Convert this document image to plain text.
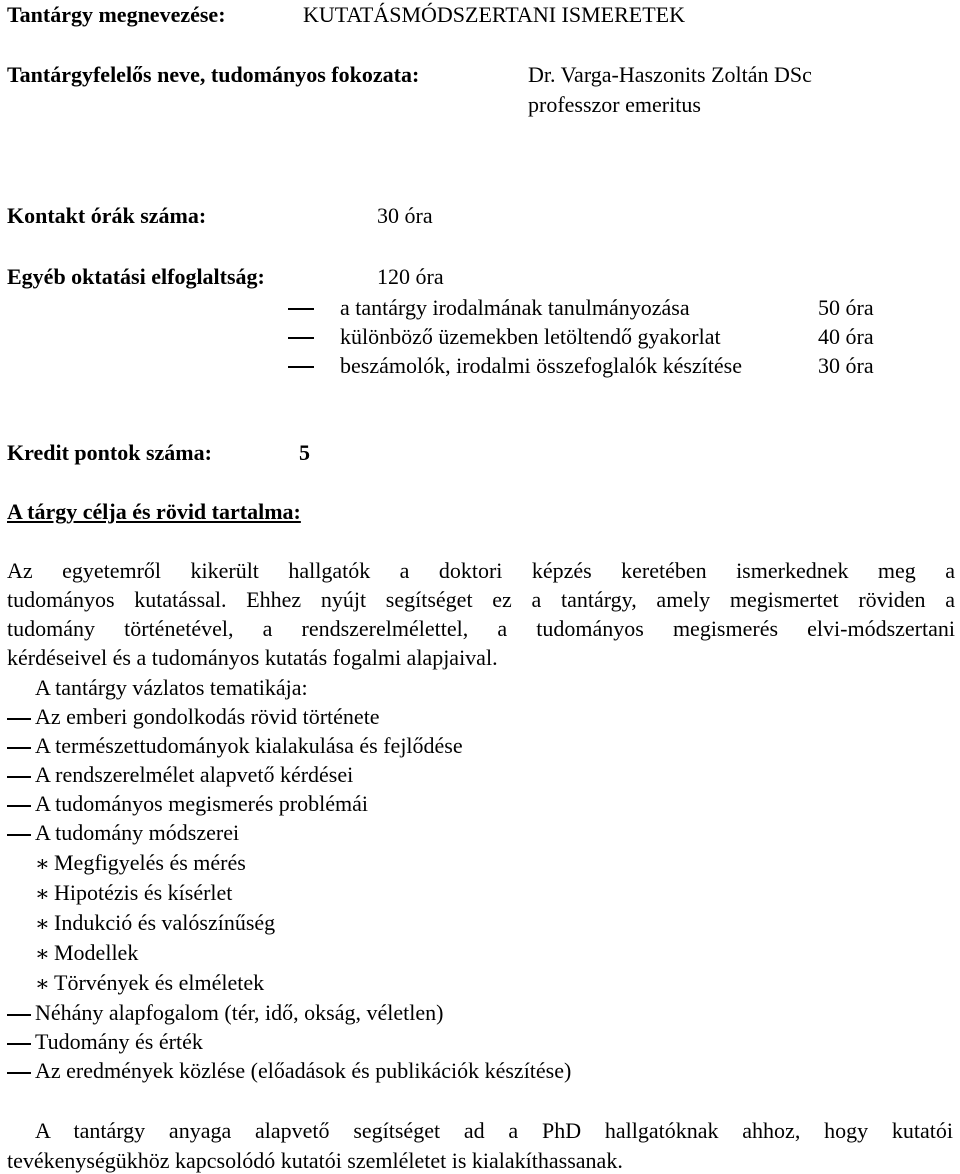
Tantárgy megnevezése:	KUTATÁSMÓDSZERTANI ISMERETEK
Tantárgyfelelős neve, tudományos fokozata:	Dr. Varga-Haszonits Zoltán DSc
professzor emeritus
Kontakt órák száma:	30 óra
Egyéb oktatási elfoglaltság:	120 óra
a tantárgy irodalmának tanulmányozása	50 óra
különböző üzemekben letöltendő gyakorlat	40 óra
beszámolók, irodalmi összefoglalók készítése	30 óra
Kredit pontok száma:	5
A tárgy célja és rövid tartalma:
Az egyetemről kikerült hallgatók a doktori képzés keretében ismerkednek meg a
tudományos kutatással. Ehhez nyújt segítséget ez a tantárgy, amely megismertet röviden a
tudomány történetével, a rendszerelmélettel, a tudományos megismerés elvi-módszertani
kérdéseivel és a tudományos kutatás fogalmi alapjaival.
A tantárgy vázlatos tematikája:
Az emberi gondolkodás rövid története
A természettudományok kialakulása és fejlődése
A rendszerelmélet alapvető kérdései
A tudományos megismerés problémái
A tudomány módszerei
∗ Megfigyelés és mérés
∗ Hipotézis és kísérlet
∗ Indukció és valószínűség
∗ Modellek
∗ Törvények és elméletek
Néhány alapfogalom (tér, idő, okság, véletlen)
Tudomány és érték
Az eredmények közlése (előadások és publikációk készítése)
A tantárgy anyaga alapvető segítséget ad a PhD hallgatóknak ahhoz, hogy kutatói
tevékenységükhöz kapcsolódó kutatói szemléletet is kialakíthassanak.
